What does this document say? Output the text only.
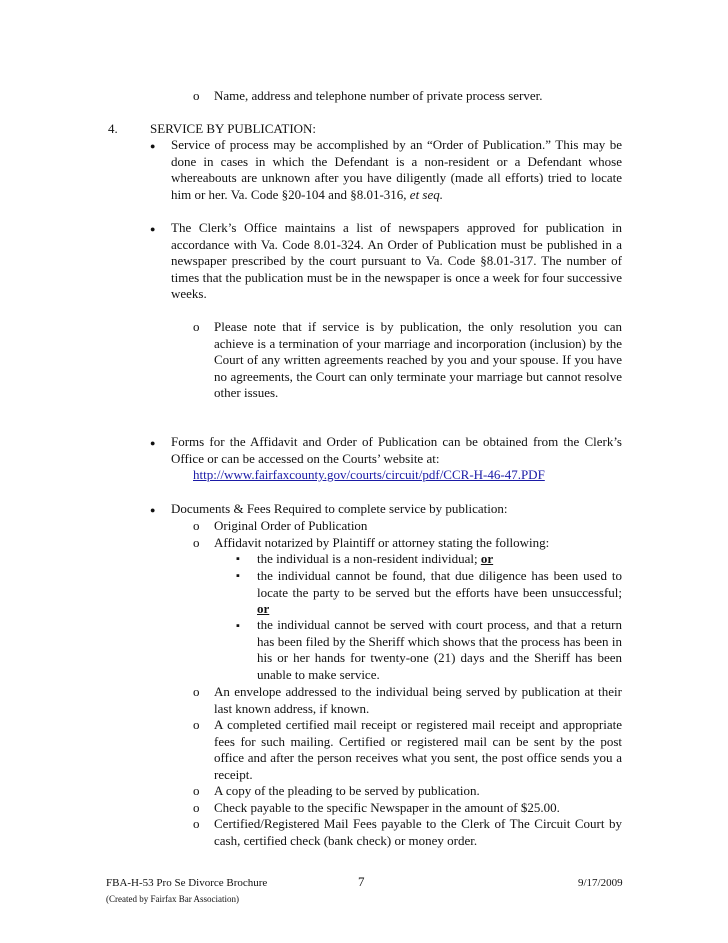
o Name, address and telephone number of private process server.
4. SERVICE BY PUBLICATION:
● Service of process may be accomplished by an “Order of Publication.” This may be done in cases in which the Defendant is a non-resident or a Defendant whose whereabouts are unknown after you have diligently (made all efforts) tried to locate him or her. Va. Code §20-104 and §8.01-316, et seq.
● The Clerk’s Office maintains a list of newspapers approved for publication in accordance with Va. Code 8.01-324. An Order of Publication must be published in a newspaper prescribed by the court pursuant to Va. Code §8.01-317. The number of times that the publication must be in the newspaper is once a week for four successive weeks.
o Please note that if service is by publication, the only resolution you can achieve is a termination of your marriage and incorporation (inclusion) by the Court of any written agreements reached by you and your spouse. If you have no agreements, the Court can only terminate your marriage but cannot resolve other issues.
● Forms for the Affidavit and Order of Publication can be obtained from the Clerk’s Office or can be accessed on the Courts’ website at:
http://www.fairfaxcounty.gov/courts/circuit/pdf/CCR-H-46-47.PDF
● Documents & Fees Required to complete service by publication:
o Original Order of Publication
o Affidavit notarized by Plaintiff or attorney stating the following:
▪ the individual is a non-resident individual; or
▪ the individual cannot be found, that due diligence has been used to locate the party to be served but the efforts have been unsuccessful; or
▪ the individual cannot be served with court process, and that a return has been filed by the Sheriff which shows that the process has been in his or her hands for twenty-one (21) days and the Sheriff has been unable to make service.
o An envelope addressed to the individual being served by publication at their last known address, if known.
o A completed certified mail receipt or registered mail receipt and appropriate fees for such mailing. Certified or registered mail can be sent by the post office and after the person receives what you sent, the post office sends you a receipt.
o A copy of the pleading to be served by publication.
o Check payable to the specific Newspaper in the amount of $25.00.
o Certified/Registered Mail Fees payable to the Clerk of The Circuit Court by cash, certified check (bank check) or money order.
FBA-H-53 Pro Se Divorce Brochure	7	9/17/2009
(Created by Fairfax Bar Association)
